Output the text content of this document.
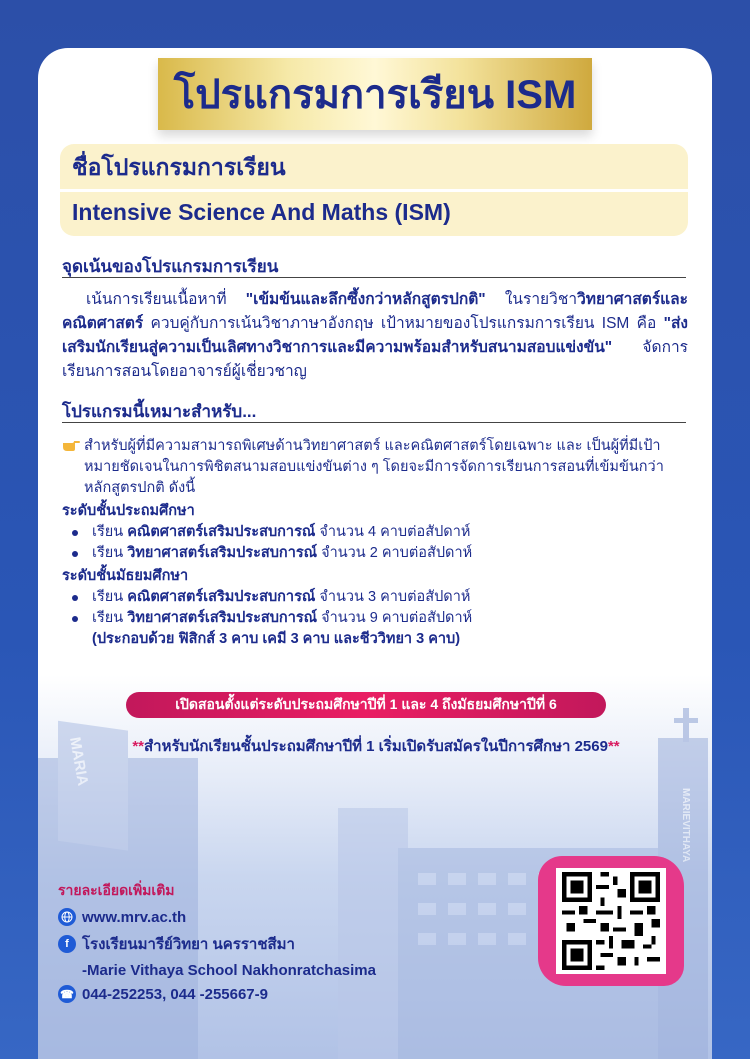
MARIA
MARIEVITHAYA
โปรแกรมการเรียน ISM
ชื่อโปรแกรมการเรียน
Intensive Science And Maths (ISM)
จุดเน้นของโปรแกรมการเรียน

เน้นการเรียนเนื้อหาที่ "เข้มข้นและลึกซึ้งกว่าหลักสูตรปกติ" ในรายวิชาวิทยาศาสตร์และคณิตศาสตร์ ควบคู่กับการเน้นวิชาภาษาอังกฤษ เป้าหมายของโปรแกรมการเรียน ISM คือ "ส่งเสริมนักเรียนสู่ความเป็นเลิศทางวิชาการและมีความพร้อมสำหรับสนามสอบแข่งขัน" จัดการเรียนการสอนโดยอาจารย์ผู้เชี่ยวชาญ

โปรแกรมนี้เหมาะสำหรับ...
สำหรับผู้ที่มีความสามารถพิเศษด้านวิทยาศาสตร์ และคณิตศาสตร์โดยเฉพาะ และ เป็นผู้ที่มีเป้าหมายชัดเจนในการพิชิตสนามสอบแข่งขันต่าง ๆ โดยจะมีการจัดการเรียนการสอนที่เข้มข้นกว่าหลักสูตรปกติ ดังนี้
ระดับชั้นประถมศึกษา
เรียน คณิตศาสตร์เสริมประสบการณ์ จำนวน 4 คาบต่อสัปดาห์
เรียน วิทยาศาสตร์เสริมประสบการณ์ จำนวน 2 คาบต่อสัปดาห์
ระดับชั้นมัธยมศึกษา
เรียน คณิตศาสตร์เสริมประสบการณ์ จำนวน 3 คาบต่อสัปดาห์
เรียน วิทยาศาสตร์เสริมประสบการณ์ จำนวน 9 คาบต่อสัปดาห์
(ประกอบด้วย ฟิสิกส์ 3 คาบ เคมี 3 คาบ และชีววิทยา 3 คาบ)
เปิดสอนตั้งแต่ระดับประถมศึกษาปีที่ 1 และ 4 ถึงมัธยมศึกษาปีที่ 6
**สำหรับนักเรียนชั้นประถมศึกษาปีที่ 1 เริ่มเปิดรับสมัครในปีการศึกษา 2569**
รายละเอียดเพิ่มเติม
www.mrv.ac.th
f โรงเรียนมารีย์วิทยา นครราชสีมา
-Marie Vithaya School Nakhonratchasima
☎ 044-252253, 044 -255667-9
